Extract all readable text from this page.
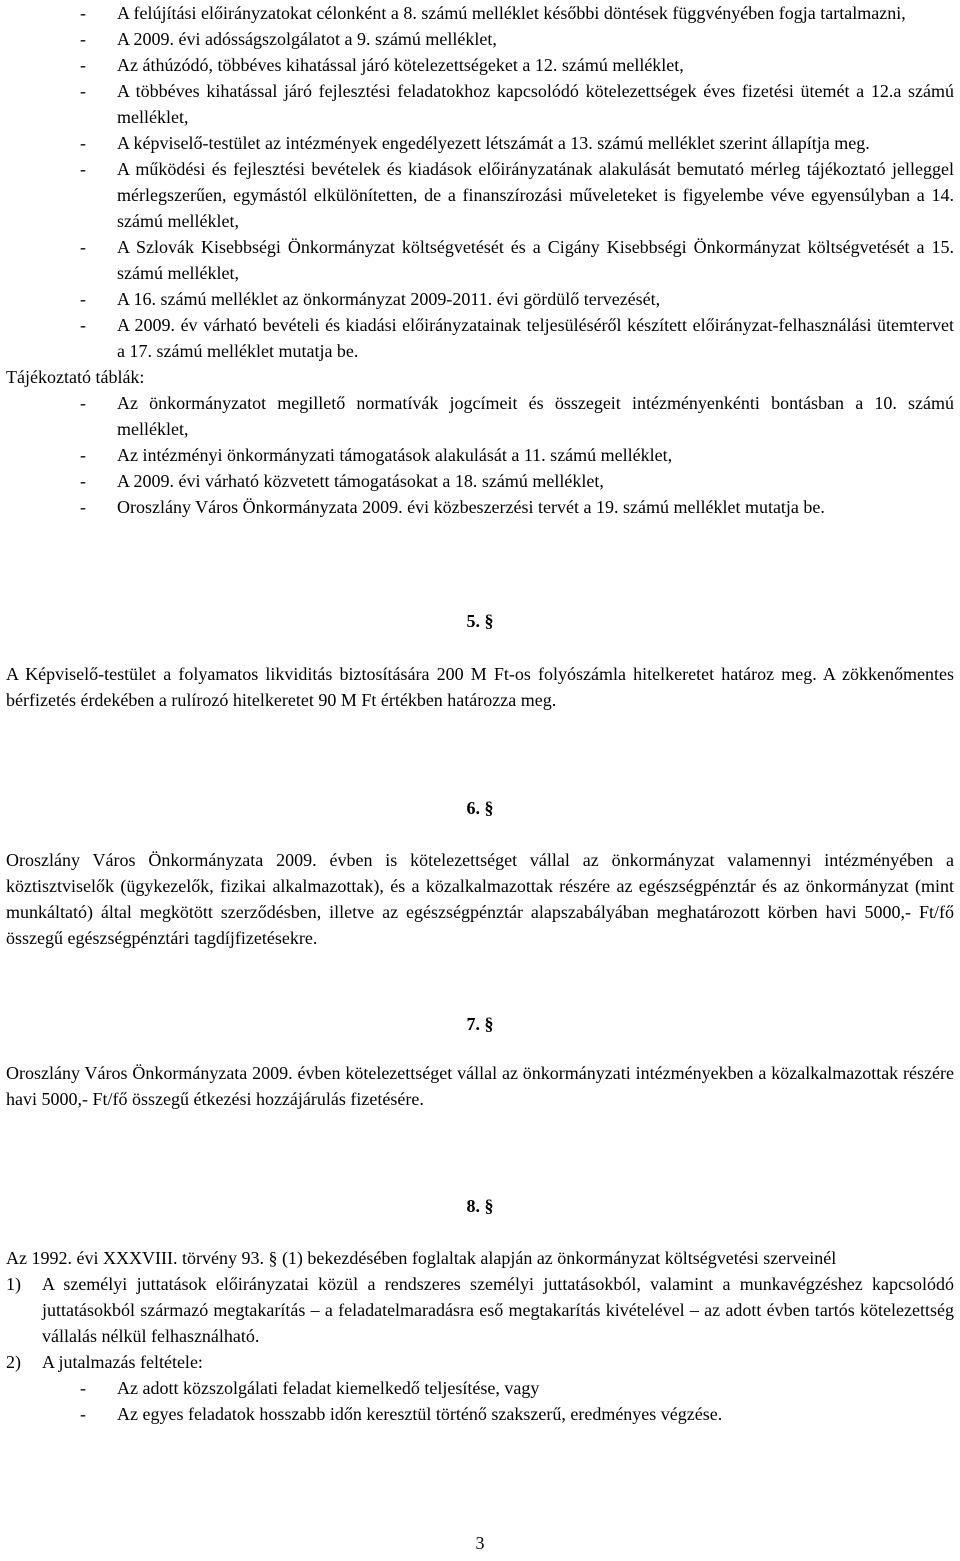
- A felújítási előirányzatokat célonként a 8. számú melléklet későbbi döntések függvényében fogja tartalmazni,
- A 2009. évi adósságszolgálatot a 9. számú melléklet,
- Az áthúzódó, többéves kihatással járó kötelezettségeket a 12. számú melléklet,
- A többéves kihatással járó fejlesztési feladatokhoz kapcsolódó kötelezettségek éves fizetési ütemét a 12.a számú melléklet,
- A képviselő-testület az intézmények engedélyezett létszámát a 13. számú melléklet szerint állapítja meg.
- A működési és fejlesztési bevételek és kiadások előirányzatának alakulását bemutató mérleg tájékoztató jelleggel mérlegszerűen, egymástól elkülönítetten, de a finanszírozási műveleteket is figyelembe véve egyensúlyban a 14. számú melléklet,
- A Szlovák Kisebbségi Önkormányzat költségvetését és a Cigány Kisebbségi Önkormányzat költségvetését a 15. számú melléklet,
- A 16. számú melléklet az önkormányzat 2009-2011. évi gördülő tervezését,
- A 2009. év várható bevételi és kiadási előirányzatainak teljesüléséről készített előirányzat-felhasználási ütemtervet a 17. számú melléklet mutatja be.
Tájékoztató táblák:
- Az önkormányzatot megillető normatívák jogcímeit és összegeit intézményenkénti bontásban a 10. számú melléklet,
- Az intézményi önkormányzati támogatások alakulását a 11. számú melléklet,
- A 2009. évi várható közvetett támogatásokat a 18. számú melléklet,
- Oroszlány Város Önkormányzata 2009. évi közbeszerzési tervét a 19. számú melléklet mutatja be.
5. §
A Képviselő-testület a folyamatos likviditás biztosítására 200 M Ft-os folyószámla hitelkeretet határoz meg. A zökkenőmentes bérfizetés érdekében a rulírozó hitelkeretet 90 M Ft értékben határozza meg.
6. §
Oroszlány Város Önkormányzata 2009. évben is kötelezettséget vállal az önkormányzat valamennyi intézményében a köztisztviselők (ügykezelők, fizikai alkalmazottak), és a közalkalmazottak részére az egészségpénztár és az önkormányzat (mint munkáltató) által megkötött szerződésben, illetve az egészségpénztár alapszabályában meghatározott körben havi 5000,- Ft/fő összegű egészségpénztári tagdíjfizetésekre.
7. §
Oroszlány Város Önkormányzata 2009. évben kötelezettséget vállal az önkormányzati intézményekben a közalkalmazottak részére havi 5000,- Ft/fő összegű étkezési hozzájárulás fizetésére.
8. §
Az 1992. évi XXXVIII. törvény 93. § (1) bekezdésében foglaltak alapján az önkormányzat költségvetési szerveinél
1) A személyi juttatások előirányzatai közül a rendszeres személyi juttatásokból, valamint a munkavégzéshez kapcsolódó juttatásokból származó megtakarítás – a feladatelmaradásra eső megtakarítás kivételével – az adott évben tartós kötelezettség vállalás nélkül felhasználható.
2) A jutalmazás feltétele:
- Az adott közszolgálati feladat kiemelkedő teljesítése, vagy
- Az egyes feladatok hosszabb időn keresztül történő szakszerű, eredményes végzése.
3
